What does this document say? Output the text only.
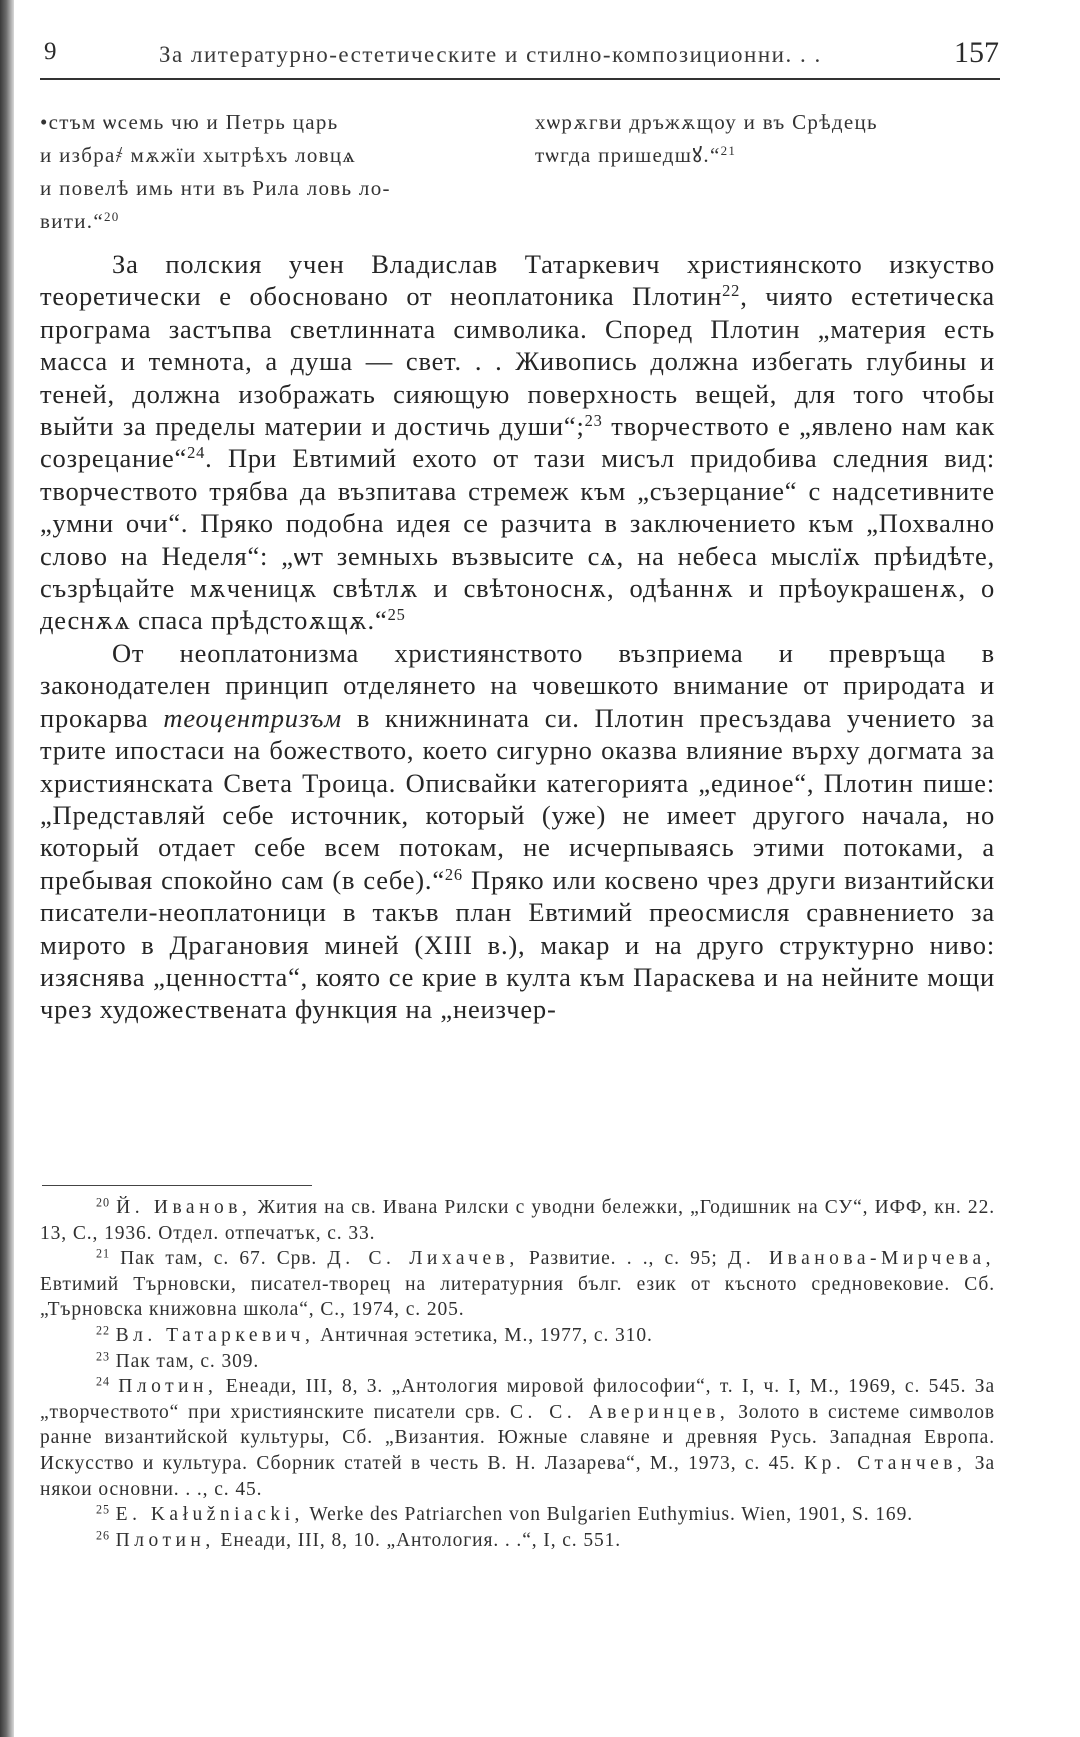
9	За литературно-естетическите и стилно-композиционни. . .	157
•стъм ѡсемь чю и Петрь царь
и избра҂ мѫжїи хытрѣхъ ловцѧ
и повелѣ имь нти въ Рила ловь ло-
вити.“$^{20}$
хѡрѫгви дръжѫщоу и въ Срѣдець
тѡгда пришедшꙋ.“$^{21}$

За полския учен Владислав Татаркевич християнското изкуство теоретически е обосновано от неоплатоника Плотин$^{22}$, чиято естетическа програма застъпва светлинната символика. Според Плотин „материя есть масса и темнота, а душа — свет. . . Живопись должна избегать глубины и теней, должна изображать сияющую поверхность вещей, для того чтобы выйти за пределы материи и достичь души“;$^{23}$ творчеството е „явлено нам как созрецание“$^{24}$. При Евтимий ехото от тази мисъл придобива следния вид: творчеството трябва да възпитава стремеж към „съзерцание“ с надсетивните „умни очи“. Пряко подобна идея се разчита в заключението към „Похвално слово на Неделя“: „ѡт земныхь възвысите сѧ, на небеса мыслїѫ прѣидѣте, съзрѣцайте мѫченицѫ свѣтлѫ и свѣтоноснѫ, одѣаннѫ и прѣоукрашенѫ, о деснѫѧ спаса прѣдстоѫщѫ.“$^{25}$

От неоплатонизма християнството възприема и превръща в законодателен принцип отделянето на човешкото внимание от природата и прокарва теоцентризъм в книжнината си. Плотин пресъздава учението за трите ипостаси на божеството, което сигурно оказва влияние върху догмата за християнската Света Троица. Описвайки категорията „единое“, Плотин пише: „Представляй себе источник, который (уже) не имеет другого начала, но который отдает себе всем потокам, не исчерпываясь этими потоками, а пребывая спокойно сам (в себе).“$^{26}$ Пряко или косвено чрез други византийски писатели-неоплатоници в такъв план Евтимий преосмисля сравнението за мирото в Драгановия миней (XIII в.), макар и на друго структурно ниво: изяснява „ценността“, която се крие в култа към Параскева и на нейните мощи чрез художествената функция на „неизчер-

$^{20}$ Й. Иванов, Жития на св. Ивана Рилски с уводни бележки, „Годишник на СУ“, ИФФ, кн. 22. 13, С., 1936. Отдел. отпечатък, с. 33.

$^{21}$ Пак там, с. 67. Срв. Д. С. Лихачев, Развитие. . ., с. 95; Д. Иванова-Мирчева, Евтимий Търновски, писател-творец на литературния бълг. език от късното средновековие. Сб. „Търновска книжовна школа“, С., 1974, с. 205.

$^{22}$ Вл. Татаркевич, Античная эстетика, М., 1977, с. 310.

$^{23}$ Пак там, с. 309.

$^{24}$ Плотин, Енеади, III, 8, 3. „Антология мировой философии“, т. I, ч. I, М., 1969, с. 545. За „творчеството“ при християнските писатели срв. С. С. Аверинцев, Золото в системе символов ранне византийской культуры, Сб. „Византия. Южные славяне и древняя Русь. Западная Европа. Искусство и культура. Сборник статей в честь В. Н. Лазарева“, М., 1973, с. 45. Кр. Станчев, За някои основни. . ., с. 45.

$^{25}$ E. Kałužniacki, Werke des Patriarchen von Bulgarien Euthymius. Wien, 1901, S. 169.

$^{26}$ Плотин, Енеади, III, 8, 10. „Антология. . .“, I, с. 551.
